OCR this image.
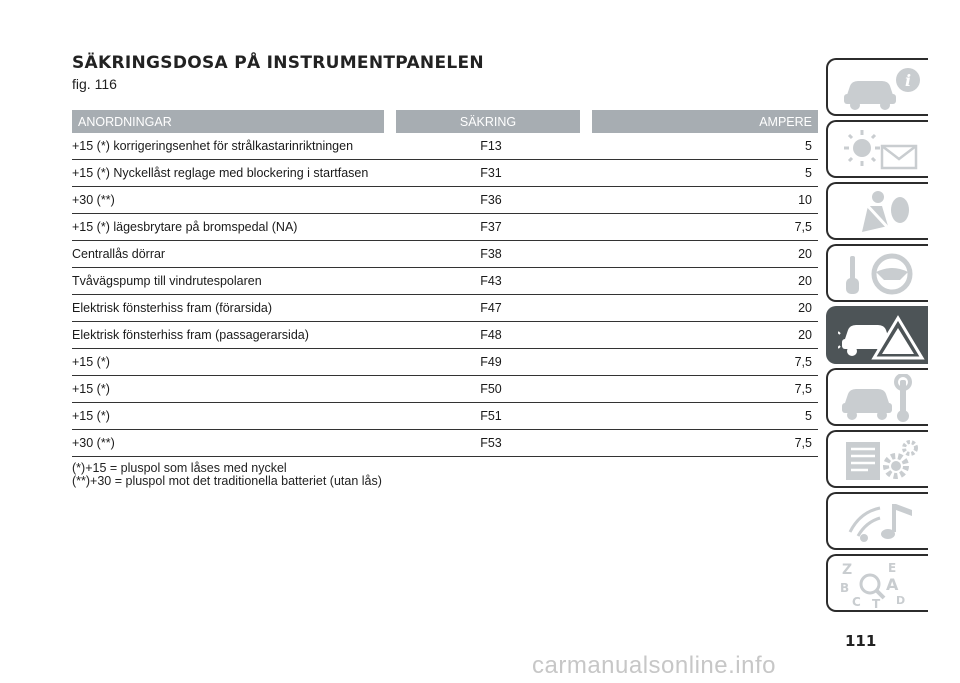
SÄKRINGSDOSA PÅ INSTRUMENTPANELEN
fig. 116
ANORDNINGAR	SÄKRING	AMPERE
+15 (*) korrigeringsenhet för strålkastarinriktningen	F13	5
+15 (*) Nyckellåst reglage med blockering i startfasen	F31	5
+30 (**)	F36	10
+15 (*) lägesbrytare på bromspedal (NA)	F37	7,5
Centrallås dörrar	F38	20
Tvåvägspump till vindrutespolaren	F43	20
Elektrisk fönsterhiss fram (förarsida)	F47	20
Elektrisk fönsterhiss fram (passagerarsida)	F48	20
+15 (*)	F49	7,5
+15 (*)	F50	7,5
+15 (*)	F51	5
+30 (**)	F53	7,5
(*)+15 = pluspol som låses med nyckel
(**)+30 = pluspol mot det traditionella batteriet (utan lås)
i
Z	E
B A
C T D
111
carmanualsonline.info
